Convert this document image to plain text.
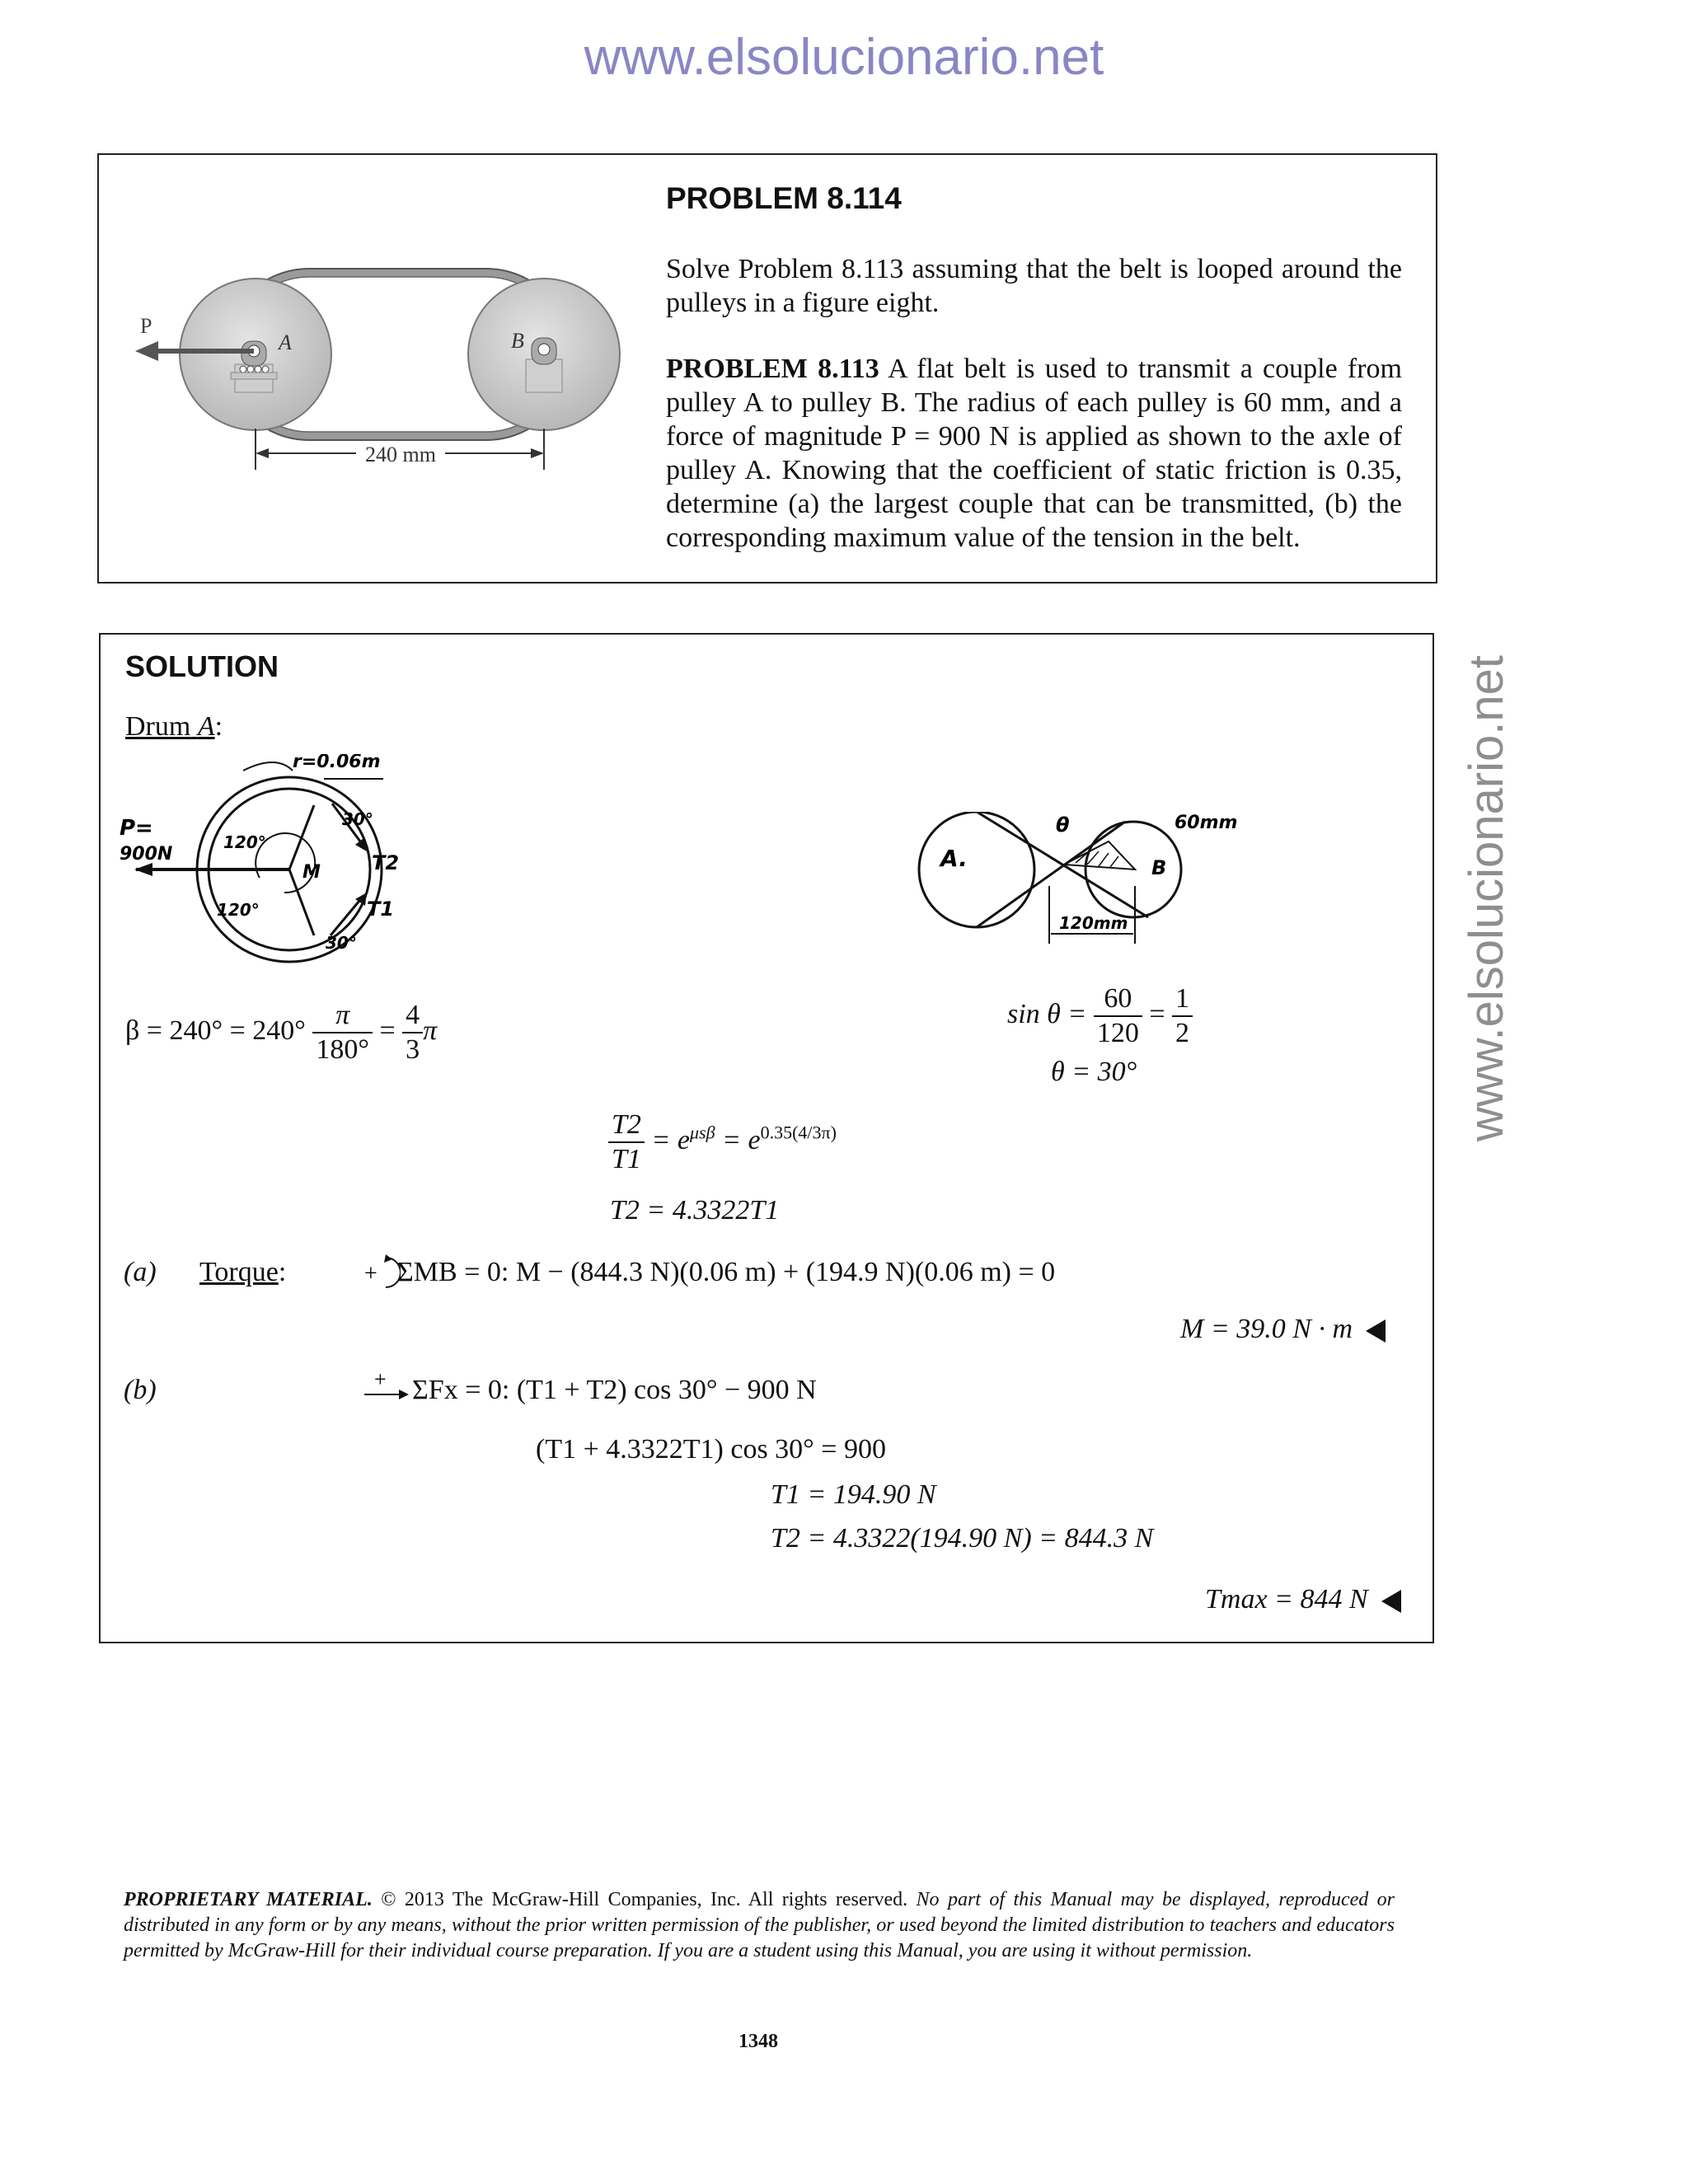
www.elsolucionario.net
www.elsolucionario.net
P
A	B
240 mm
PROBLEM 8.114
Solve Problem 8.113 assuming that the belt is looped around the pulleys in a figure eight.
PROBLEM 8.113 A flat belt is used to transmit a couple from pulley A to pulley B. The radius of each pulley is 60 mm, and a force of magnitude P = 900 N is applied as shown to the axle of pulley A. Knowing that the coefficient of static friction is 0.35, determine (a) the largest couple that can be transmitted, (b) the corresponding maximum value of the tension in the belt.
SOLUTION
Drum A:
r=0.06m
P=
900N
120°
120°
30°
30°
T2
T1
M
A.	B
θ	60mm
120mm
$\beta = 240^\circ = 240^\circ \frac{\pi}{180^\circ} = \frac{4}{3}$ π
$\sin \theta = \frac{60}{120} = \frac{1}{2}$
θ = 30°
$\frac{T2}{T1} = e^{\mu s\beta} = e^{0.35(4/3\pi)}$
T2 = 4.3322T1
(a) Torque:	+ ΣMB = 0: M − (844.3 N)(0.06 m) + (194.9 N)(0.06 m) = 0
M = 39.0 N · m
(b)	+ ΣFx = 0: (T1 + T2) cos 30° − 900 N
(T1 + 4.3322T1) cos 30° = 900
T1 = 194.90 N
T2 = 4.3322(194.90 N) = 844.3 N
Tmax = 844 N
PROPRIETARY MATERIAL. © 2013 The McGraw-Hill Companies, Inc. All rights reserved. No part of this Manual may be displayed, reproduced or distributed in any form or by any means, without the prior written permission of the publisher, or used beyond the limited distribution to teachers and educators permitted by McGraw-Hill for their individual course preparation. If you are a student using this Manual, you are using it without permission.
1348
